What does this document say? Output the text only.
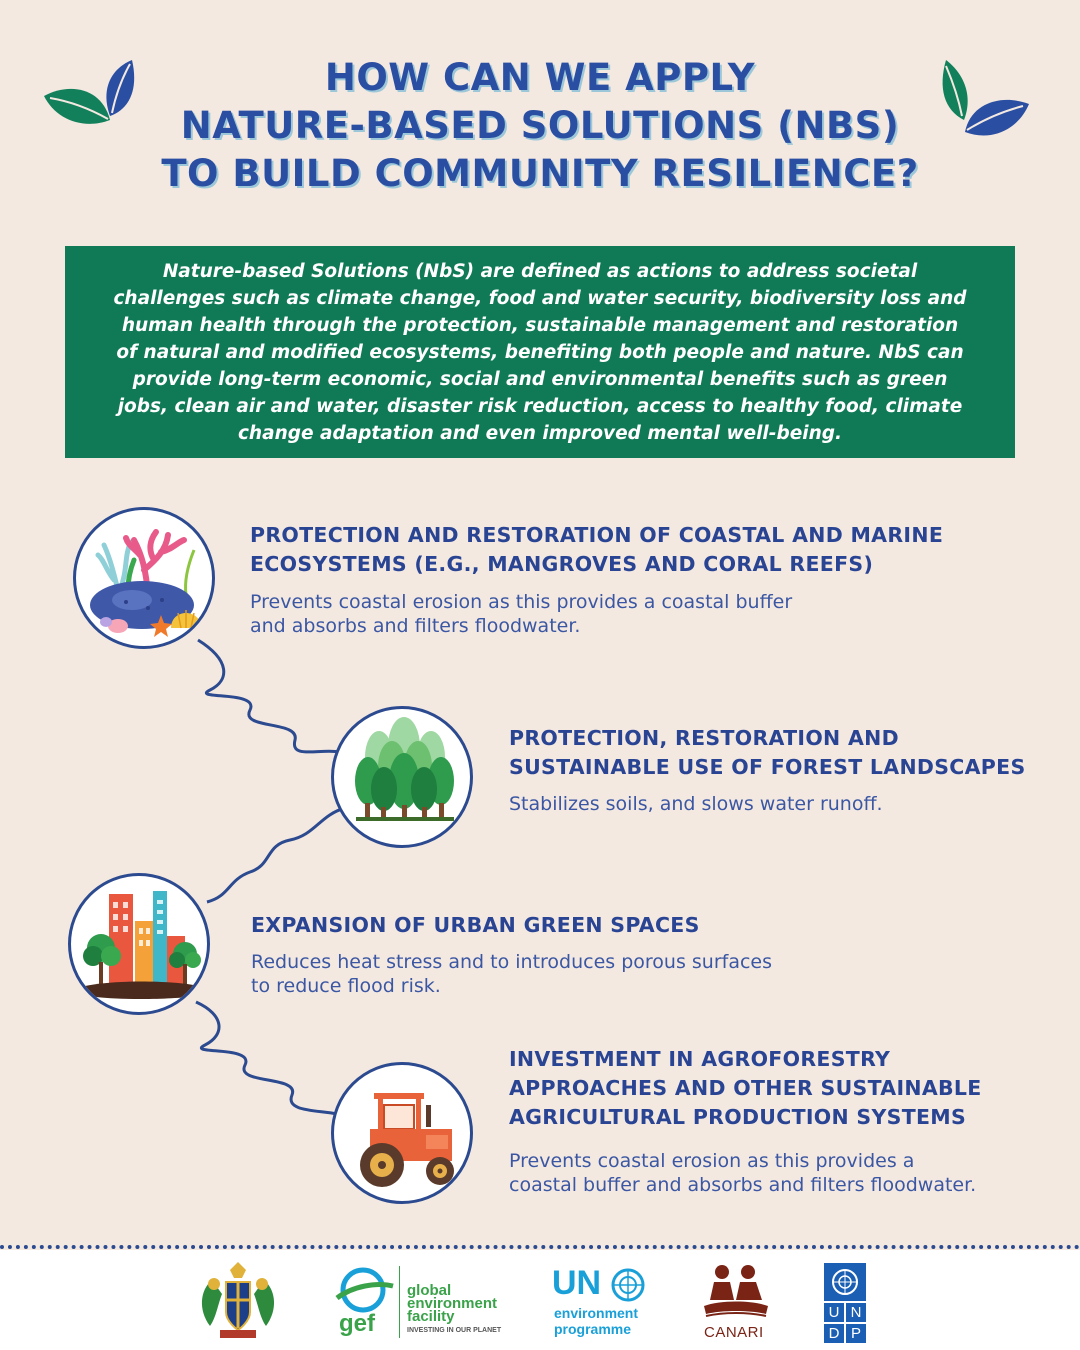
HOW CAN WE APPLY
NATURE-BASED SOLUTIONS (NBS)
TO BUILD COMMUNITY RESILIENCE?
Nature-based Solutions (NbS) are defined as actions to address societal
challenges such as climate change, food and water security, biodiversity loss and
human health through the protection, sustainable management and restoration
of natural and modified ecosystems, benefiting both people and nature. NbS can
provide long-term economic, social and environmental benefits such as green
jobs, clean air and water, disaster risk reduction, access to healthy food, climate
change adaptation and even improved mental well-being.
PROTECTION AND RESTORATION OF COASTAL AND MARINE
ECOSYSTEMS (E.G., MANGROVES AND CORAL REEFS)

Prevents coastal erosion as this provides a coastal buffer
and absorbs and filters floodwater.

PROTECTION, RESTORATION AND
SUSTAINABLE USE OF FOREST LANDSCAPES

Stabilizes soils, and slows water runoff.

EXPANSION OF URBAN GREEN SPACES

Reduces heat stress and to introduces porous surfaces
to reduce flood risk.

INVESTMENT IN AGROFORESTRY
APPROACHES AND OTHER SUSTAINABLE
AGRICULTURAL PRODUCTION SYSTEMS

Prevents coastal erosion as this provides a
coastal buffer and absorbs and filters floodwater.

gef
global
environment
facility
INVESTING IN OUR PLANET
UN
environment
programme	CANARI
U N
D P
